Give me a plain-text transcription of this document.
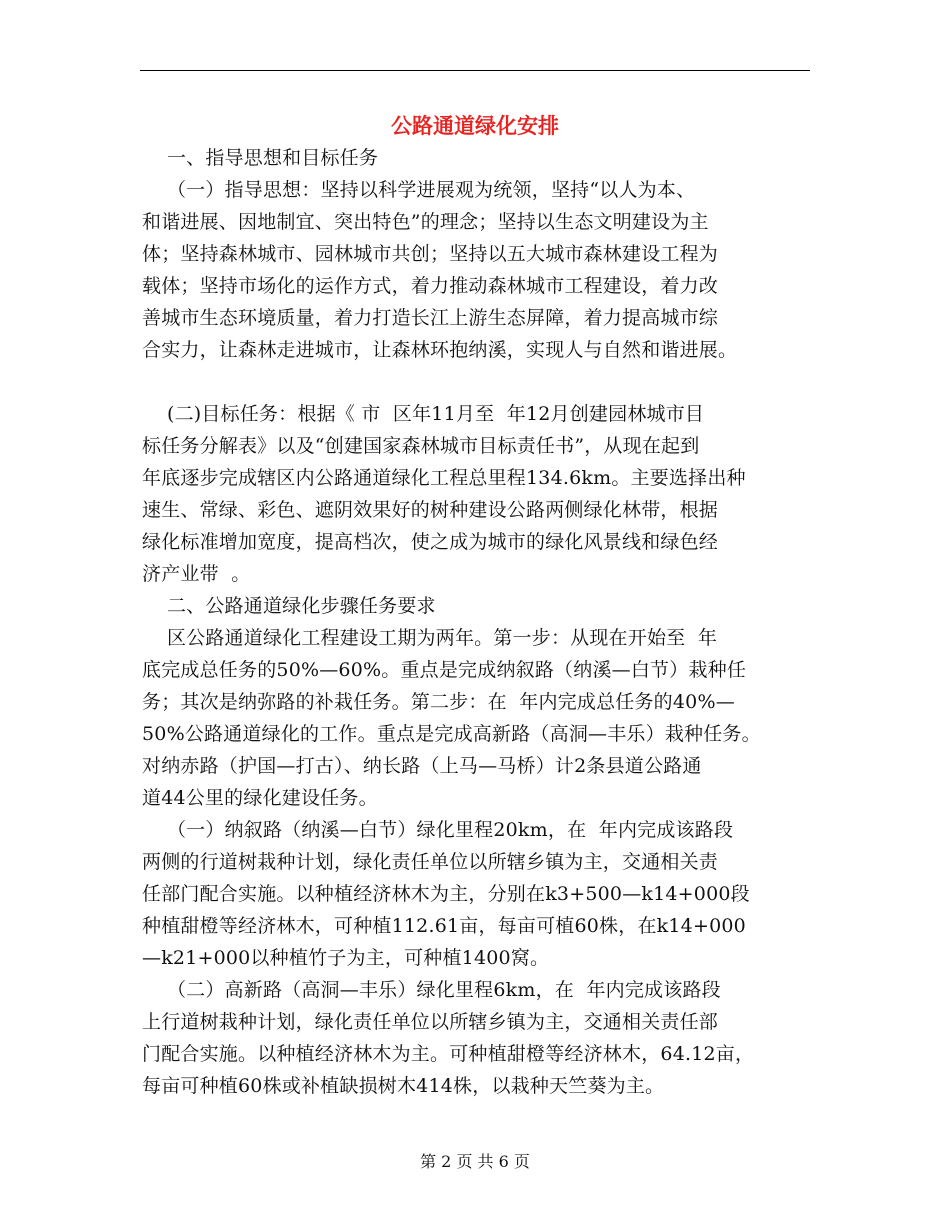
公路通道绿化安排
一、指导思想和目标任务
（一）指导思想：坚持以科学进展观为统领，坚持“以人为本、
和谐进展、因地制宜、突出特色”的理念；坚持以生态文明建设为主
体；坚持森林城市、园林城市共创；坚持以五大城市森林建设工程为
载体；坚持市场化的运作方式，着力推动森林城市工程建设，着力改
善城市生态环境质量，着力打造长江上游生态屏障，着力提高城市综
合实力，让森林走进城市，让森林环抱纳溪，实现人与自然和谐进展。
(二)目标任务：根据《 市  区年11月至  年12月创建园林城市目
标任务分解表》以及“创建国家森林城市目标责任书”，从现在起到
年底逐步完成辖区内公路通道绿化工程总里程134.6km。主要选择出种
速生、常绿、彩色、遮阴效果好的树种建设公路两侧绿化林带，根据
绿化标准增加宽度，提高档次，使之成为城市的绿化风景线和绿色经
济产业带  。
二、公路通道绿化步骤任务要求
区公路通道绿化工程建设工期为两年。第一步：从现在开始至  年
底完成总任务的50%—60%。重点是完成纳叙路（纳溪—白节）栽种任
务；其次是纳弥路的补栽任务。第二步：在  年内完成总任务的40%—
50%公路通道绿化的工作。重点是完成高新路（高洞—丰乐）栽种任务。
对纳赤路（护国—打古）、纳长路（上马—马桥）计2条县道公路通
道44公里的绿化建设任务。
（一）纳叙路（纳溪—白节）绿化里程20km，在  年内完成该路段
两侧的行道树栽种计划，绿化责任单位以所辖乡镇为主，交通相关责
任部门配合实施。以种植经济林木为主，分别在k3+500—k14+000段
种植甜橙等经济林木，可种植112.61亩，每亩可植60株，在k14+000
—k21+000以种植竹子为主，可种植1400窝。
（二）高新路（高洞—丰乐）绿化里程6km，在  年内完成该路段
上行道树栽种计划，绿化责任单位以所辖乡镇为主，交通相关责任部
门配合实施。以种植经济林木为主。可种植甜橙等经济林木，64.12亩，
每亩可种植60株或补植缺损树木414株，以栽种天竺葵为主。
第 2 页 共 6 页
